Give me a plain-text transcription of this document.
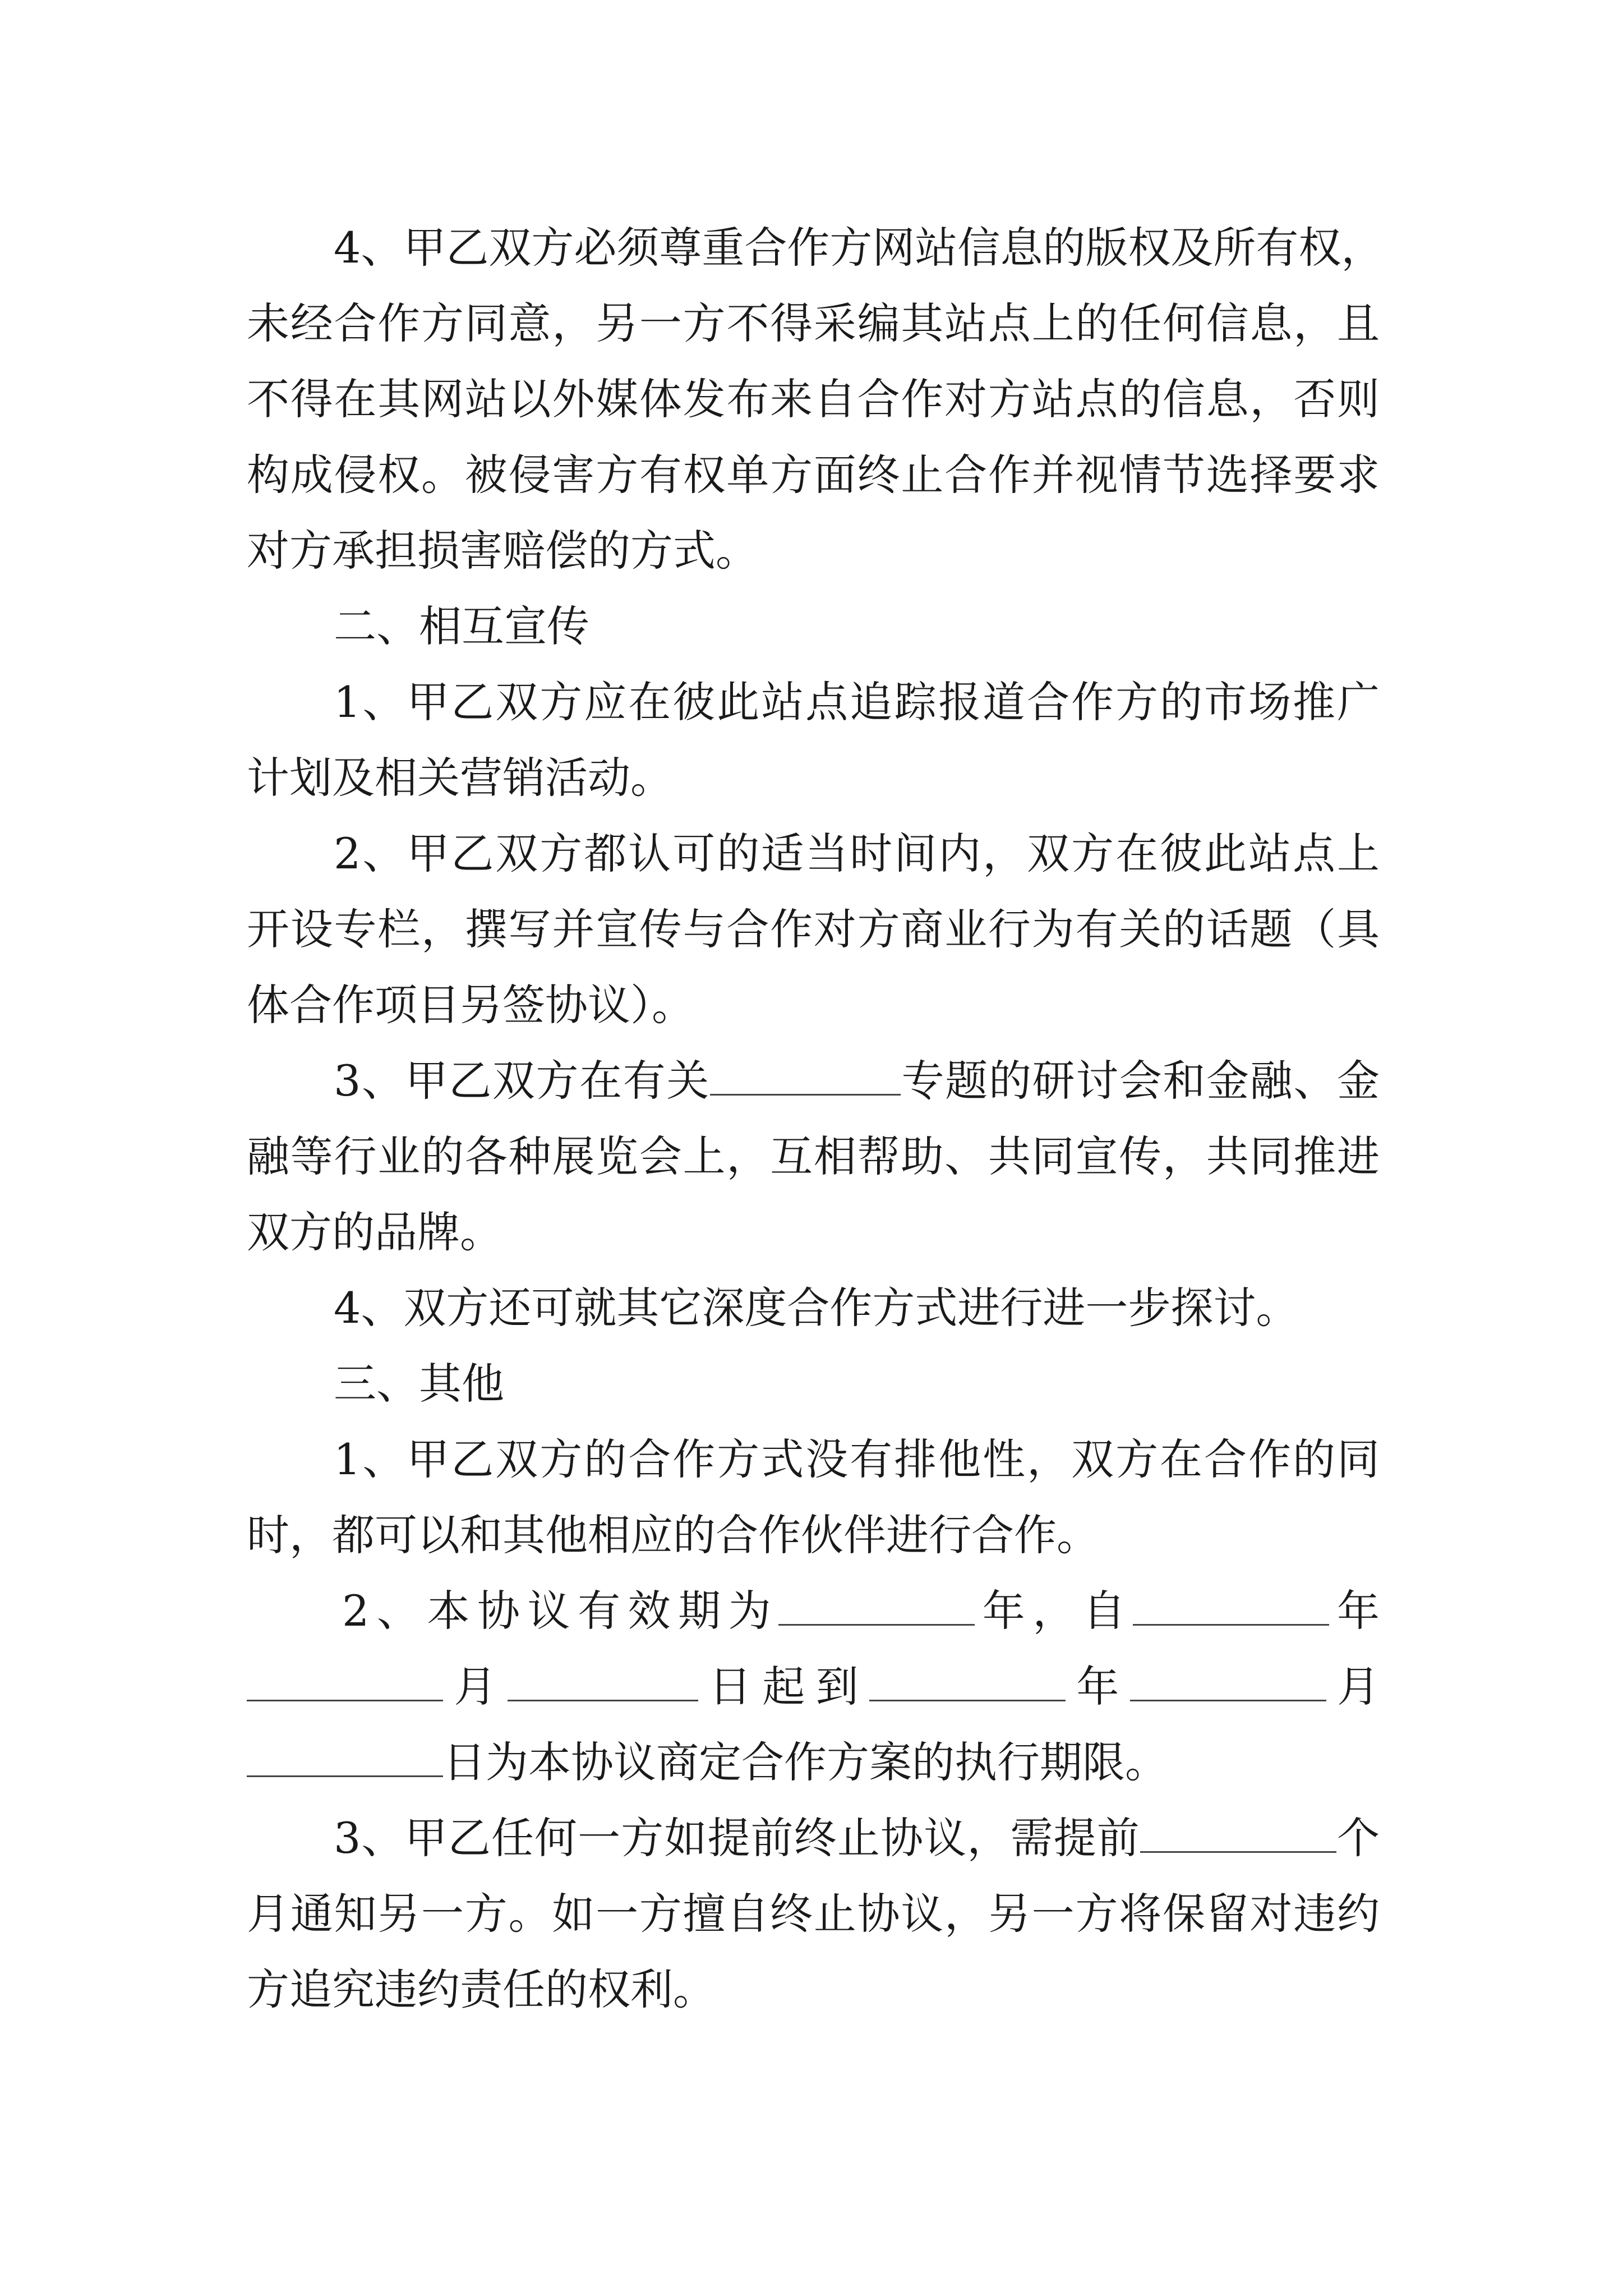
4、甲乙双方必须尊重合作方网站信息的版权及所有权，
未经合作方同意，另一方不得采编其站点上的任何信息，且
不得在其网站以外媒体发布来自合作对方站点的信息，否则
构成侵权。被侵害方有权单方面终止合作并视情节选择要求
对方承担损害赔偿的方式。
二、相互宣传
1、甲乙双方应在彼此站点追踪报道合作方的市场推广
计划及相关营销活动。
2、甲乙双方都认可的适当时间内，双方在彼此站点上
开设专栏，撰写并宣传与合作对方商业行为有关的话题（具
体合作项目另签协议）。
3、甲乙双方在有关	专题的研讨会和金融、金
融等行业的各种展览会上，互相帮助、共同宣传，共同推进
双方的品牌。
4、双方还可就其它深度合作方式进行进一步探讨。
三、其他
1、甲乙双方的合作方式没有排他性，双方在合作的同
时，都可以和其他相应的合作伙伴进行合作。
2、本协议有效期为	年，自	年
月	日起到	年	月
日为本协议商定合作方案的执行期限。
3、甲乙任何一方如提前终止协议，需提前	个
月通知另一方。如一方擅自终止协议，另一方将保留对违约
方追究违约责任的权利。
